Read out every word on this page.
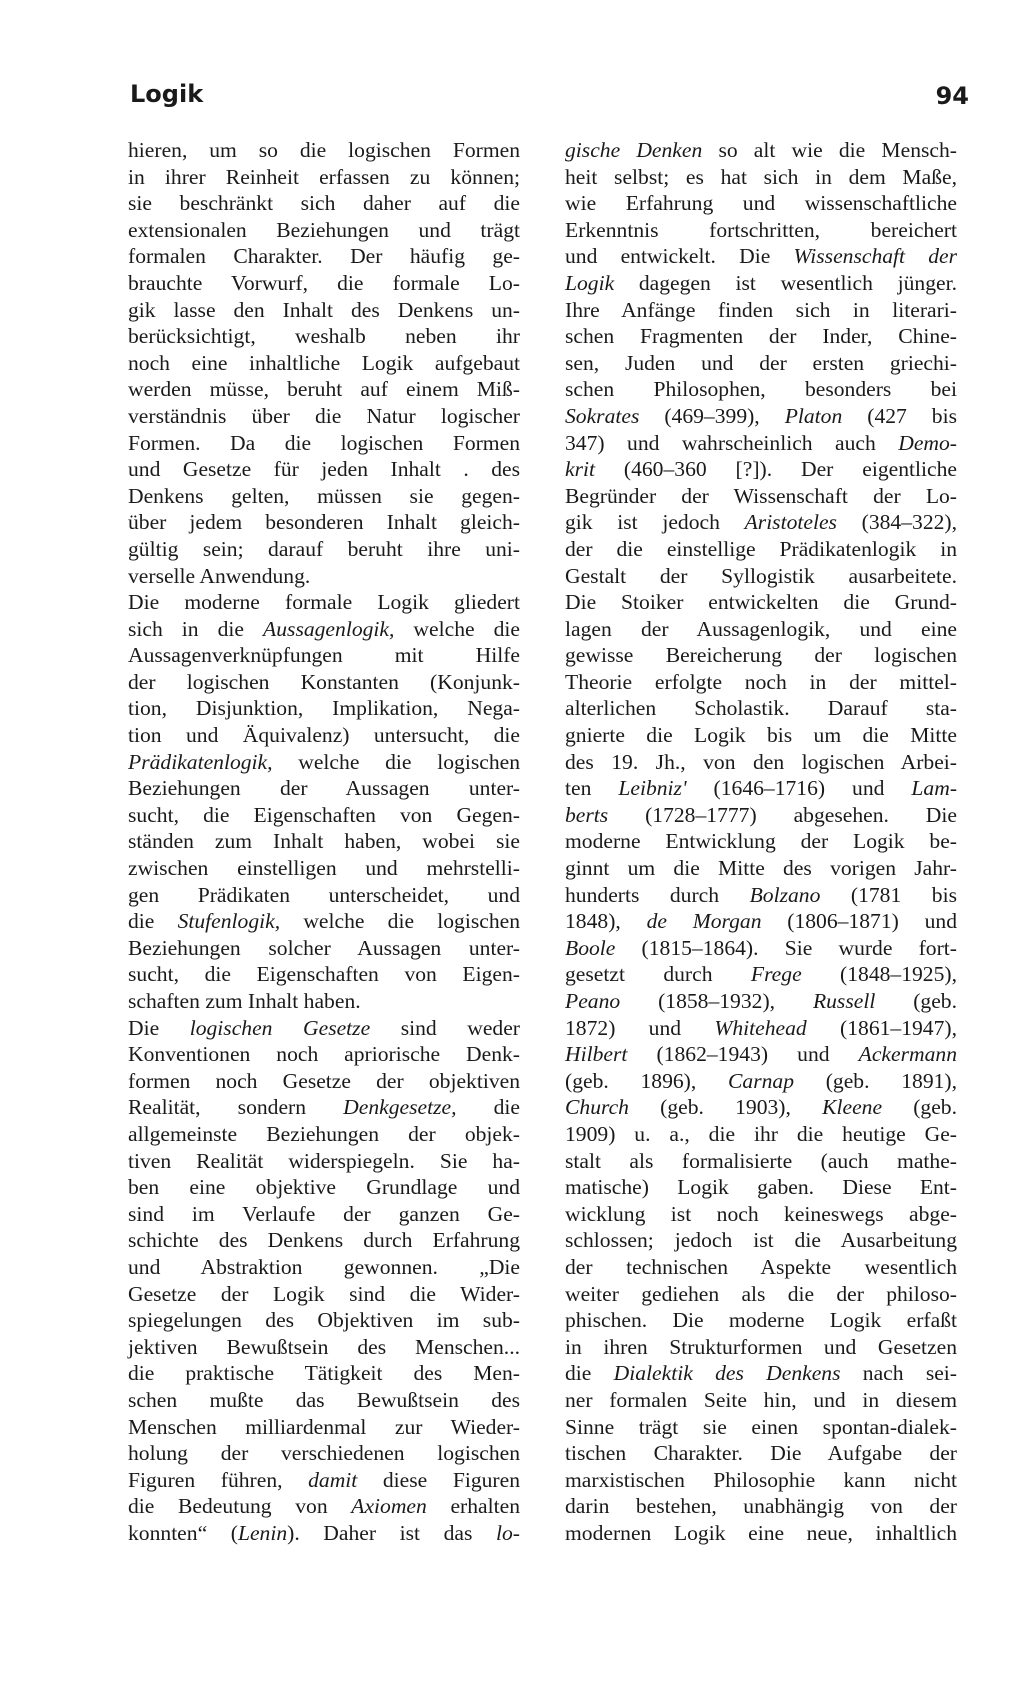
Logik	94
hieren, um so die logischen Formen
in ihrer Reinheit erfassen zu können;
sie beschränkt sich daher auf die
extensionalen Beziehungen und trägt
formalen Charakter. Der häufig ge-
brauchte Vorwurf, die formale Lo-
gik lasse den Inhalt des Denkens un-
berücksichtigt, weshalb neben ihr
noch eine inhaltliche Logik aufgebaut
werden müsse, beruht auf einem Miß-
verständnis über die Natur logischer
Formen. Da die logischen Formen
und Gesetze für jeden Inhalt . des
Denkens gelten, müssen sie gegen-
über jedem besonderen Inhalt gleich-
gültig sein; darauf beruht ihre uni-
verselle Anwendung.
Die moderne formale Logik gliedert
sich in die Aussagenlogik, welche die
Aussagenverknüpfungen mit Hilfe
der logischen Konstanten (Konjunk-
tion, Disjunktion, Implikation, Nega-
tion und Äquivalenz) untersucht, die
Prädikatenlogik, welche die logischen
Beziehungen der Aussagen unter-
sucht, die Eigenschaften von Gegen-
ständen zum Inhalt haben, wobei sie
zwischen einstelligen und mehrstelli-
gen Prädikaten unterscheidet, und
die Stufenlogik, welche die logischen
Beziehungen solcher Aussagen unter-
sucht, die Eigenschaften von Eigen-
schaften zum Inhalt haben.
Die logischen Gesetze sind weder
Konventionen noch apriorische Denk-
formen noch Gesetze der objektiven
Realität, sondern Denkgesetze, die
allgemeinste Beziehungen der objek-
tiven Realität widerspiegeln. Sie ha-
ben eine objektive Grundlage und
sind im Verlaufe der ganzen Ge-
schichte des Denkens durch Erfahrung
und Abstraktion gewonnen. „Die
Gesetze der Logik sind die Wider-
spiegelungen des Objektiven im sub-
jektiven Bewußtsein des Menschen...
die praktische Tätigkeit des Men-
schen mußte das Bewußtsein des
Menschen milliardenmal zur Wieder-
holung der verschiedenen logischen
Figuren führen, damit diese Figuren
die Bedeutung von Axiomen erhalten
konnten“ (Lenin). Daher ist das lo-
gische Denken so alt wie die Mensch-
heit selbst; es hat sich in dem Maße,
wie Erfahrung und wissenschaftliche
Erkenntnis fortschritten, bereichert
und entwickelt. Die Wissenschaft der
Logik dagegen ist wesentlich jünger.
Ihre Anfänge finden sich in literari-
schen Fragmenten der Inder, Chine-
sen, Juden und der ersten griechi-
schen Philosophen, besonders bei
Sokrates (469–399), Platon (427 bis
347) und wahrscheinlich auch Demo-
krit (460–360 [?]). Der eigentliche
Begründer der Wissenschaft der Lo-
gik ist jedoch Aristoteles (384–322),
der die einstellige Prädikatenlogik in
Gestalt der Syllogistik ausarbeitete.
Die Stoiker entwickelten die Grund-
lagen der Aussagenlogik, und eine
gewisse Bereicherung der logischen
Theorie erfolgte noch in der mittel-
alterlichen Scholastik. Darauf sta-
gnierte die Logik bis um die Mitte
des 19. Jh., von den logischen Arbei-
ten Leibniz' (1646–1716) und Lam-
berts (1728–1777) abgesehen. Die
moderne Entwicklung der Logik be-
ginnt um die Mitte des vorigen Jahr-
hunderts durch Bolzano (1781 bis
1848), de Morgan (1806–1871) und
Boole (1815–1864). Sie wurde fort-
gesetzt durch Frege (1848–1925),
Peano (1858–1932), Russell (geb.
1872) und Whitehead (1861–1947),
Hilbert (1862–1943) und Ackermann
(geb. 1896), Carnap (geb. 1891),
Church (geb. 1903), Kleene (geb.
1909) u. a., die ihr die heutige Ge-
stalt als formalisierte (auch mathe-
matische) Logik gaben. Diese Ent-
wicklung ist noch keineswegs abge-
schlossen; jedoch ist die Ausarbeitung
der technischen Aspekte wesentlich
weiter gediehen als die der philoso-
phischen. Die moderne Logik erfaßt
in ihren Strukturformen und Gesetzen
die Dialektik des Denkens nach sei-
ner formalen Seite hin, und in diesem
Sinne trägt sie einen spontan-dialek-
tischen Charakter. Die Aufgabe der
marxistischen Philosophie kann nicht
darin bestehen, unabhängig von der
modernen Logik eine neue, inhaltlich
